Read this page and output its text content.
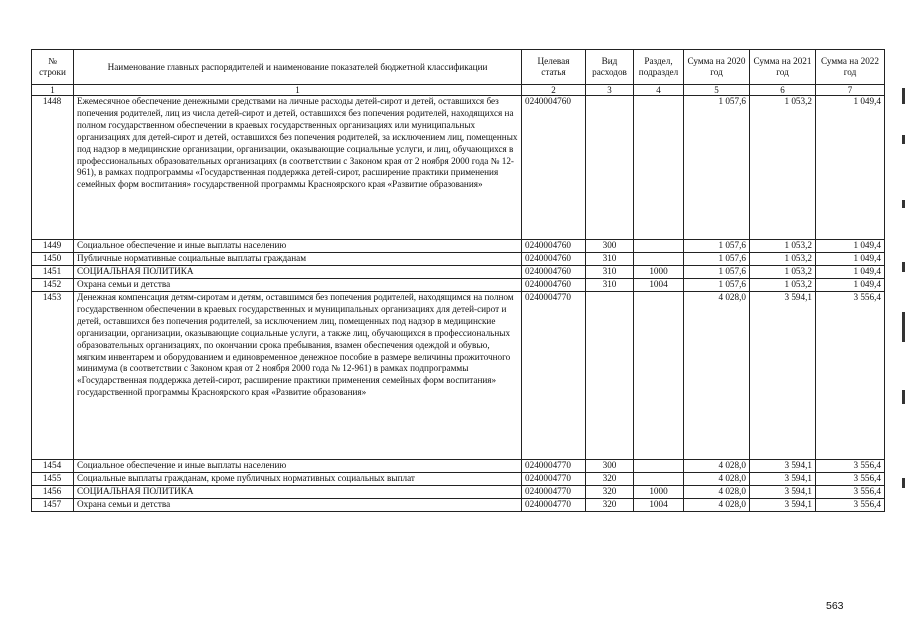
№ строки	Наименование главных распорядителей и наименование показателей бюджетной классификации	Целевая статья	Вид расходов	Раздел, подраздел	Сумма на 2020 год	Сумма на 2021 год	Сумма на 2022 год
1	1	2	3	4	5	6	7
1448	Ежемесячное обеспечение денежными средствами на личные расходы детей-сирот и детей, оставшихся без попечения родителей, лиц из числа детей-сирот и детей, оставшихся без попечения родителей, находящихся на полном государственном обеспечении в краевых государственных организациях или муниципальных организациях для детей-сирот и детей, оставшихся без попечения родителей, за исключением лиц, помещенных под надзор в медицинские организации, организации, оказывающие социальные услуги, и лиц, обучающихся в профессиональных образовательных организациях (в соответствии с Законом края от 2 ноября 2000 года № 12-961), в рамках подпрограммы «Государственная поддержка детей-сирот, расширение практики применения семейных форм воспитания» государственной программы Красноярского края «Развитие образования»	0240004760			1 057,6	1 053,2	1 049,4
1449	Социальное обеспечение и иные выплаты населению	0240004760	300		1 057,6	1 053,2	1 049,4
1450	Публичные нормативные социальные выплаты гражданам	0240004760	310		1 057,6	1 053,2	1 049,4
1451	СОЦИАЛЬНАЯ ПОЛИТИКА	0240004760	310	1000	1 057,6	1 053,2	1 049,4
1452	Охрана семьи и детства	0240004760	310	1004	1 057,6	1 053,2	1 049,4
1453	Денежная компенсация детям-сиротам и детям, оставшимся без попечения родителей, находящимся на полном государственном обеспечении в краевых государственных и муниципальных организациях для детей-сирот и детей, оставшихся без попечения родителей, за исключением лиц, помещенных под надзор в медицинские организации, организации, оказывающие социальные услуги, а также лиц, обучающихся в профессиональных образовательных организациях, по окончании срока пребывания, взамен обеспечения одеждой и обувью, мягким инвентарем и оборудованием и единовременное денежное пособие в размере величины прожиточного минимума (в соответствии с Законом края от 2 ноября 2000 года № 12-961) в рамках подпрограммы «Государственная поддержка детей-сирот, расширение практики применения семейных форм воспитания» государственной программы Красноярского края «Развитие образования»	0240004770			4 028,0	3 594,1	3 556,4
1454	Социальное обеспечение и иные выплаты населению	0240004770	300		4 028,0	3 594,1	3 556,4
1455	Социальные выплаты гражданам, кроме публичных нормативных социальных выплат	0240004770	320		4 028,0	3 594,1	3 556,4
1456	СОЦИАЛЬНАЯ ПОЛИТИКА	0240004770	320	1000	4 028,0	3 594,1	3 556,4
1457	Охрана семьи и детства	0240004770	320	1004	4 028,0	3 594,1	3 556,4
563
